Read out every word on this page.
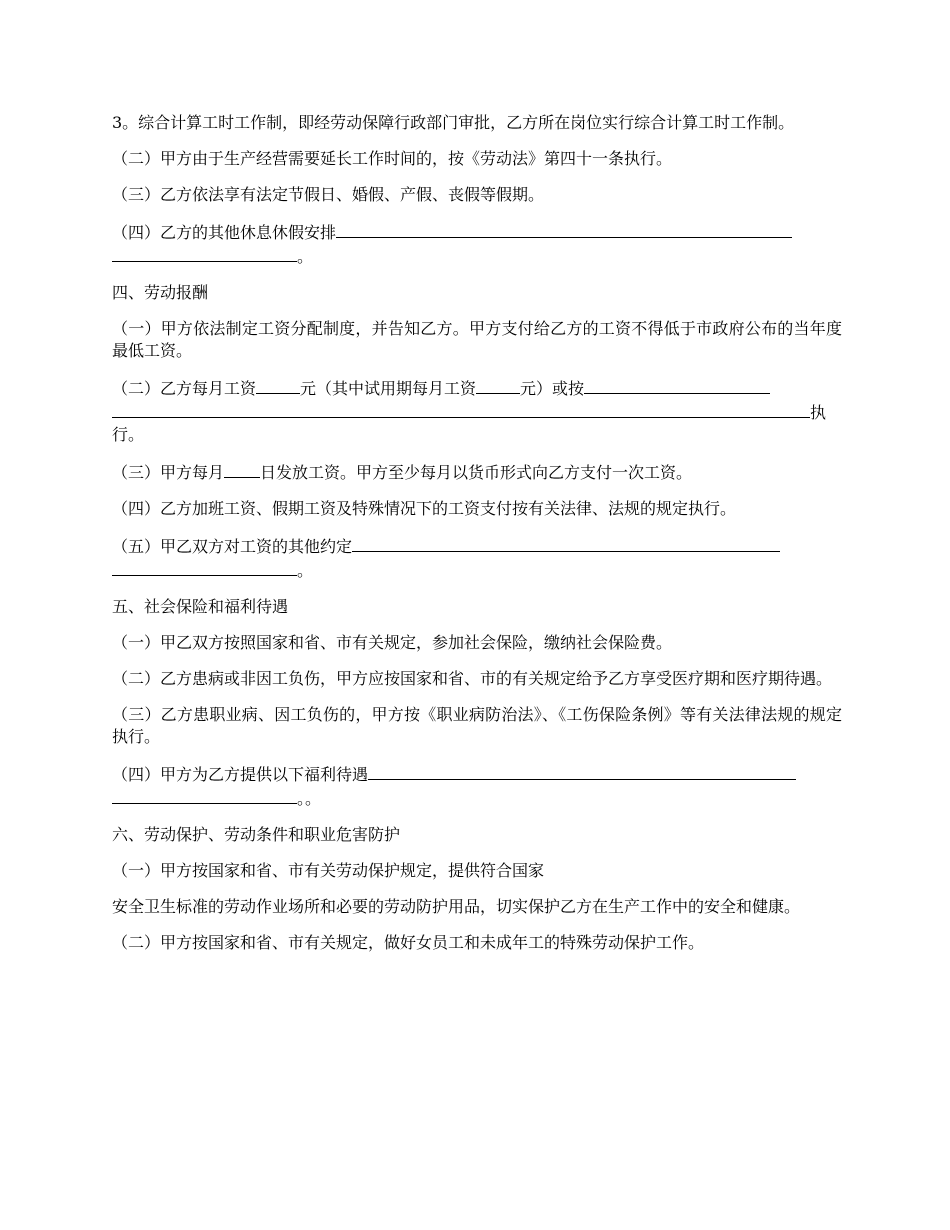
3。综合计算工时工作制，即经劳动保障行政部门审批，乙方所在岗位实行综合计算工时工作制。

（二）甲方由于生产经营需要延长工作时间的，按《劳动法》第四十一条执行。

（三）乙方依法享有法定节假日、婚假、产假、丧假等假期。

（四）乙方的其他休息休假安排
。

四、劳动报酬

（一）甲方依法制定工资分配制度，并告知乙方。甲方支付给乙方的工资不得低于市政府公布的当年度最低工资。

（二）乙方每月工资	元（其中试用期每月工资	元）或按
执
行。

（三）甲方每月 日发放工资。甲方至少每月以货币形式向乙方支付一次工资。

（四）乙方加班工资、假期工资及特殊情况下的工资支付按有关法律、法规的规定执行。

（五）甲乙双方对工资的其他约定
。

五、社会保险和福利待遇

（一）甲乙双方按照国家和省、市有关规定，参加社会保险，缴纳社会保险费。

（二）乙方患病或非因工负伤，甲方应按国家和省、市的有关规定给予乙方享受医疗期和医疗期待遇。

（三）乙方患职业病、因工负伤的，甲方按《职业病防治法》、《工伤保险条例》等有关法律法规的规定执行。

（四）甲方为乙方提供以下福利待遇
。。

六、劳动保护、劳动条件和职业危害防护

（一）甲方按国家和省、市有关劳动保护规定，提供符合国家

安全卫生标准的劳动作业场所和必要的劳动防护用品，切实保护乙方在生产工作中的安全和健康。

（二）甲方按国家和省、市有关规定，做好女员工和未成年工的特殊劳动保护工作。
